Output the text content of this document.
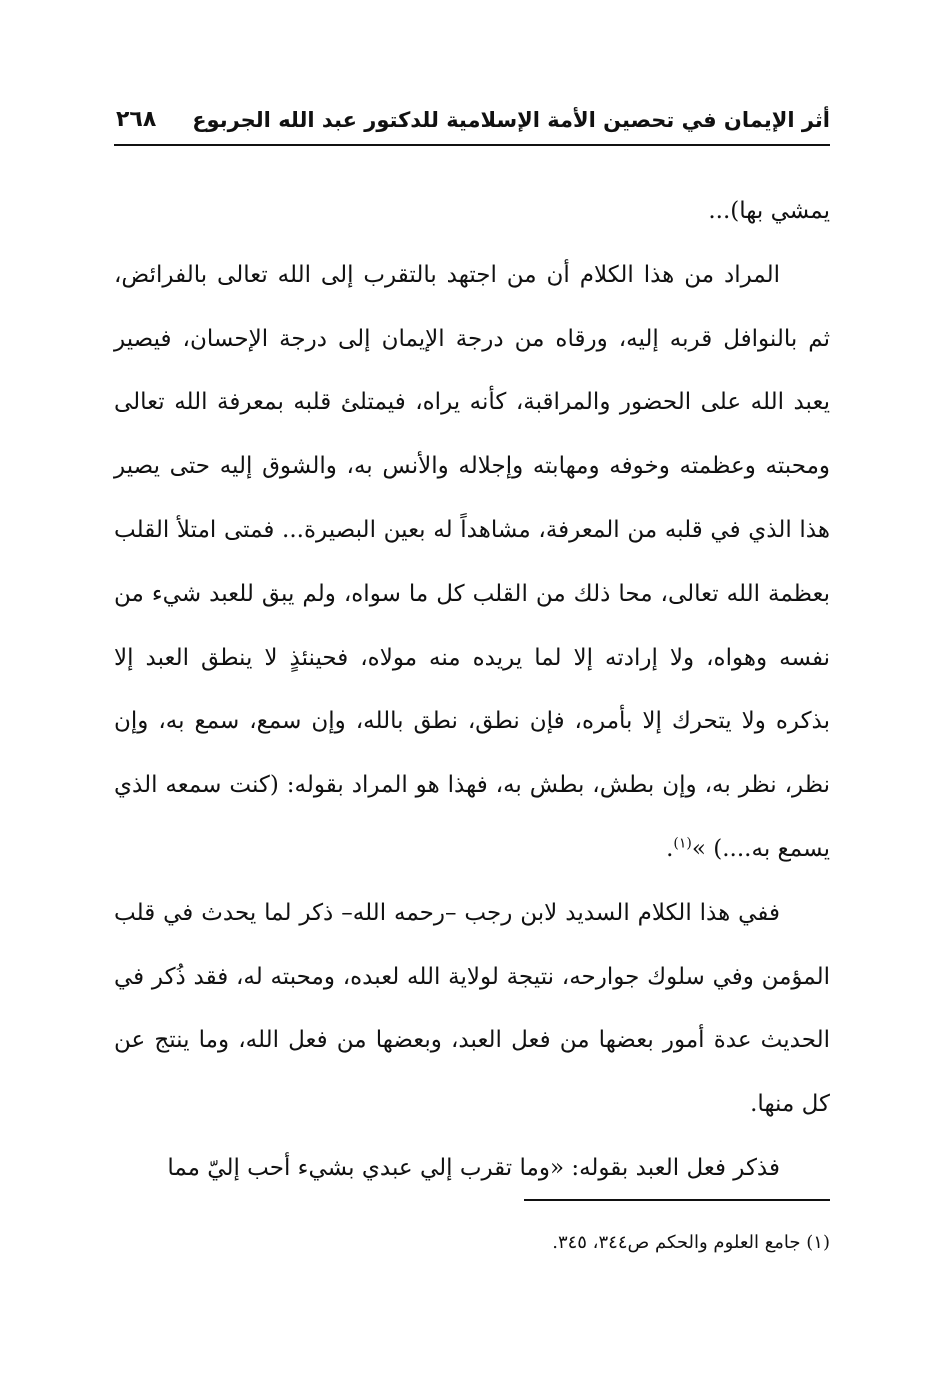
أثر الإيمان في تحصين الأمة الإسلامية للدكتور عبد الله الجربوع
٢٦٨

يمشي بها)...

المراد من هذا الكلام أن من اجتهد بالتقرب إلى الله تعالى بالفرائض، ثم بالنوافل قربه إليه، ورقاه من درجة الإيمان إلى درجة الإحسان، فيصير يعبد الله على الحضور والمراقبة، كأنه يراه، فيمتلئ قلبه بمعرفة الله تعالى ومحبته وعظمته وخوفه ومهابته وإجلاله والأنس به، والشوق إليه حتى يصير هذا الذي في قلبه من المعرفة، مشاهداً له بعين البصيرة... فمتى امتلأ القلب بعظمة الله تعالى، محا ذلك من القلب كل ما سواه، ولم يبق للعبد شيء من نفسه وهواه، ولا إرادته إلا لما يريده منه مولاه، فحينئذٍ لا ينطق العبد إلا بذكره ولا يتحرك إلا بأمره، فإن نطق، نطق بالله، وإن سمع، سمع به، وإن نظر، نظر به، وإن بطش، بطش به، فهذا هو المراد بقوله: (كنت سمعه الذي يسمع به....) »$^{(١)}$.

ففي هذا الكلام السديد لابن رجب –رحمه الله– ذكر لما يحدث في قلب المؤمن وفي سلوك جوارحه، نتيجة لولاية الله لعبده، ومحبته له، فقد ذُكر في الحديث عدة أمور بعضها من فعل العبد، وبعضها من فعل الله، وما ينتج عن كل منها.

فذكر فعل العبد بقوله: «وما تقرب إلي عبدي بشيء أحب إليّ مما

(١) جامع العلوم والحكم ص٣٤٤، ٣٤٥.
